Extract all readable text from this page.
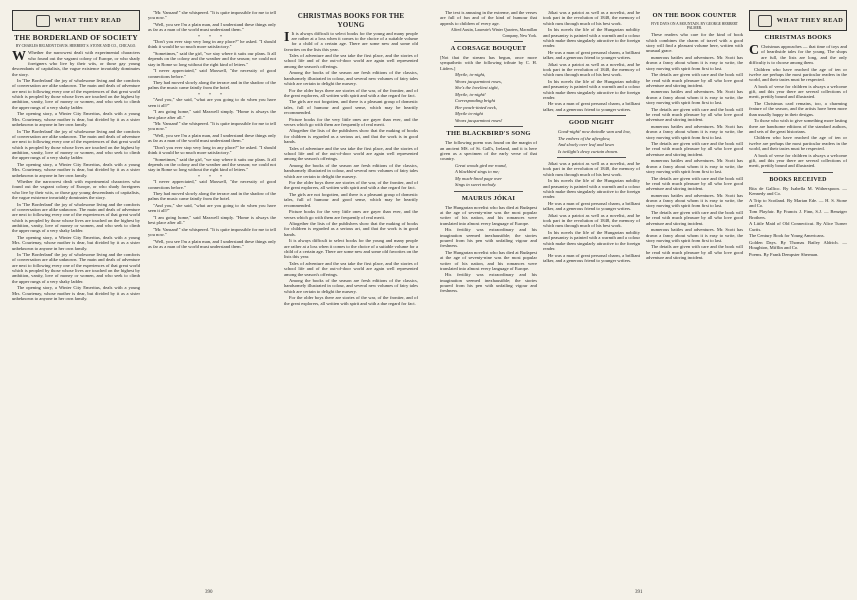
WHAT THEY READ
THE BORDERLAND OF SOCIETY
BY CHARLES BELMONT DAVIS. HERBERT S. STONE AND CO., CHICAGO.

W Whether the narrowest dealt with experimental characters who found out the vagrant colony of Europe, or who shady foreigners who live by their wits, or those gay young descendants of capitalists, the vague existence invariably dominates the story.

In 'The Borderland' the joy of wholesome living and the comforts of conversation are alike unknown. The main and deals of adventure are next to following every one of the experiences of that great world which is peopled by those whose lives are touched on the highest by ambition, vanity, love of money or women, and who seek to climb the upper rungs of a very shaky ladder.

The opening story, a Winter City Emeritus, deals with a young Mrs. Courtenay, whose mother is dear, but divided by it as a sister unbeknown to anyone in her own family.

In 'The Borderland' the joy of wholesome living and the comforts of conversation are alike unknown. The main and deals of adventure are next to following every one of the experiences of that great world which is peopled by those whose lives are touched on the highest by ambition, vanity, love of money or women, and who seek to climb the upper rungs of a very shaky ladder.

The opening story, a Winter City Emeritus, deals with a young Mrs. Courtenay, whose mother is dear, but divided by it as a sister unbeknown to anyone in her own family.

Whether the narrowest dealt with experimental characters who found out the vagrant colony of Europe, or who shady foreigners who live by their wits, or those gay young descendants of capitalists, the vague existence invariably dominates the story.

In 'The Borderland' the joy of wholesome living and the comforts of conversation are alike unknown. The main and deals of adventure are next to following every one of the experiences of that great world which is peopled by those whose lives are touched on the highest by ambition, vanity, love of money or women, and who seek to climb the upper rungs of a very shaky ladder.

The opening story, a Winter City Emeritus, deals with a young Mrs. Courtenay, whose mother is dear, but divided by it as a sister unbeknown to anyone in her own family.

In 'The Borderland' the joy of wholesome living and the comforts of conversation are alike unknown. The main and deals of adventure are next to following every one of the experiences of that great world which is peopled by those whose lives are touched on the highest by ambition, vanity, love of money or women, and who seek to climb the upper rungs of a very shaky ladder.

The opening story, a Winter City Emeritus, deals with a young Mrs. Courtenay, whose mother is dear, but divided by it as a sister unbeknown to anyone in her own family.

"Mr. Vansant!" she whispered. "It is quite impossible for me to tell you now."

"Well, you see I'm a plain man, and I understand these things only as far as a man of the world must understand them."

* * *

"Don't you ever stop very long in any place?" he asked. "I should think it would be so much more satisfactory."

"Sometimes," said the girl, "we stay where it suits our plans. It all depends on the colony and the weather and the season; we could not stay in Rome so long without the right kind of letters."

"I never appreciated," said Maxwell, "the necessity of good connections before."

They had moved slowly along the terrace and in the shadow of the palms the music came faintly from the hotel.

* * *

"And you," she said, "what are you going to do when you have seen it all?"

"I am going home," said Maxwell simply. "Home is always the best place after all."

"Mr. Vansant!" she whispered. "It is quite impossible for me to tell you now."

"Well, you see I'm a plain man, and I understand these things only as far as a man of the world must understand them."

"Don't you ever stop very long in any place?" he asked. "I should think it would be so much more satisfactory."

"Sometimes," said the girl, "we stay where it suits our plans. It all depends on the colony and the weather and the season; we could not stay in Rome so long without the right kind of letters."

* * *

"I never appreciated," said Maxwell, "the necessity of good connections before."

They had moved slowly along the terrace and in the shadow of the palms the music came faintly from the hotel.

"And you," she said, "what are you going to do when you have seen it all?"

"I am going home," said Maxwell simply. "Home is always the best place after all."

"Mr. Vansant!" she whispered. "It is quite impossible for me to tell you now."

"Well, you see I'm a plain man, and I understand these things only as far as a man of the world must understand them."

CHRISTMAS BOOKS FOR THE YOUNG

I It is always difficult to select books for the young and many people are rather at a loss when it comes to the choice of a suitable volume for a child of a certain age. There are some new and some old favorites on the lists this year.

Tales of adventure and the sea take the first place, and the stories of school life and of the out-of-door world are again well represented among the season's offerings.

Among the books of the season are fresh editions of the classics, handsomely illustrated in colour, and several new volumes of fairy tales which are certain to delight the nursery.

For the older boys there are stories of the war, of the frontier, and of the great explorers, all written with spirit and with a due regard for fact.

The girls are not forgotten, and there is a pleasant group of domestic tales, full of humour and good sense, which may be heartily recommended.

Picture books for the very little ones are gayer than ever, and the verses which go with them are frequently of real merit.

Altogether the lists of the publishers show that the making of books for children is regarded as a serious art, and that the work is in good hands.

Tales of adventure and the sea take the first place, and the stories of school life and of the out-of-door world are again well represented among the season's offerings.

Among the books of the season are fresh editions of the classics, handsomely illustrated in colour, and several new volumes of fairy tales which are certain to delight the nursery.

For the older boys there are stories of the war, of the frontier, and of the great explorers, all written with spirit and with a due regard for fact.

The girls are not forgotten, and there is a pleasant group of domestic tales, full of humour and good sense, which may be heartily recommended.

Picture books for the very little ones are gayer than ever, and the verses which go with them are frequently of real merit.

Altogether the lists of the publishers show that the making of books for children is regarded as a serious art, and that the work is in good hands.

It is always difficult to select books for the young and many people are rather at a loss when it comes to the choice of a suitable volume for a child of a certain age. There are some new and some old favorites on the lists this year.

Tales of adventure and the sea take the first place, and the stories of school life and of the out-of-door world are again well represented among the season's offerings.

Among the books of the season are fresh editions of the classics, handsomely illustrated in colour, and several new volumes of fairy tales which are certain to delight the nursery.

For the older boys there are stories of the war, of the frontier, and of the great explorers, all written with spirit and with a due regard for fact.

390

The text is amusing in the extreme, and the verses are full of fun and of the kind of humour that appeals to children of every age.

Alfred Austin, Laureate's Winter Quarters, Macmillan Company, New York.

A CORSAGE BOUQUET

[Not that the stream has begun, once more sympathetic with the following tribute by C. H. Lüders.]

Myrtle, to-night,

Wears jacqueminot roses,

She's the loveliest sight,

Myrtle, to-night!

Corresponding bright

Her peach-tinted neck,

Myrtle to-night

Wears jacqueminot roses!

THE BLACKBIRD'S SONG

The following poem was found on the margin of an ancient MS. of St. Gall's, Ireland, and it is here given as a specimen of the early verse of that country.

Great woods gird me round,

A blackbird sings to me;

My much-lined page over

Sings in sweet melody.

MAURUS JÓKAI

The Hungarian novelist who has died at Budapest at the age of seventy-nine was the most popular writer of his nation, and his romances were translated into almost every language of Europe.

His fertility was extraordinary and his imagination seemed inexhaustible; the stories poured from his pen with unfailing vigour and freshness.

The Hungarian novelist who has died at Budapest at the age of seventy-nine was the most popular writer of his nation, and his romances were translated into almost every language of Europe.

His fertility was extraordinary and his imagination seemed inexhaustible; the stories poured from his pen with unfailing vigour and freshness.

Jókai was a patriot as well as a novelist, and he took part in the revolution of 1848, the memory of which runs through much of his best work.

In his novels the life of the Hungarian nobility and peasantry is painted with a warmth and a colour which make them singularly attractive to the foreign reader.

He was a man of great personal charm, a brilliant talker, and a generous friend to younger writers.

Jókai was a patriot as well as a novelist, and he took part in the revolution of 1848, the memory of which runs through much of his best work.

In his novels the life of the Hungarian nobility and peasantry is painted with a warmth and a colour which make them singularly attractive to the foreign reader.

He was a man of great personal charm, a brilliant talker, and a generous friend to younger writers.

GOOD NIGHT

Good-night! now dwindle wan and low,

The embers of the afterglow,

And slowly over leaf and lawn

Is twilight's dewy curtain drawn.

Jókai was a patriot as well as a novelist, and he took part in the revolution of 1848, the memory of which runs through much of his best work.

In his novels the life of the Hungarian nobility and peasantry is painted with a warmth and a colour which make them singularly attractive to the foreign reader.

He was a man of great personal charm, a brilliant talker, and a generous friend to younger writers.

Jókai was a patriot as well as a novelist, and he took part in the revolution of 1848, the memory of which runs through much of his best work.

In his novels the life of the Hungarian nobility and peasantry is painted with a warmth and a colour which make them singularly attractive to the foreign reader.

He was a man of great personal charm, a brilliant talker, and a generous friend to younger writers.

ON THE BOOK COUNTER
FIVE DAYS ON A MOUNTAIN. BY GEORGE HERBERT PALMER.

These readers who care for the kind of book which combines the charm of travel with a good story will find a pleasant volume here, written with unusual grace.

numerous battles and adventures. Mr. Scott has drawn a fancy about whom it is easy to write, the story moving with spirit from first to last.

The details are given with care and the book will be read with much pleasure by all who love good adventure and stirring incident.

numerous battles and adventures. Mr. Scott has drawn a fancy about whom it is easy to write, the story moving with spirit from first to last.

The details are given with care and the book will be read with much pleasure by all who love good adventure and stirring incident.

numerous battles and adventures. Mr. Scott has drawn a fancy about whom it is easy to write, the story moving with spirit from first to last.

The details are given with care and the book will be read with much pleasure by all who love good adventure and stirring incident.

numerous battles and adventures. Mr. Scott has drawn a fancy about whom it is easy to write, the story moving with spirit from first to last.

The details are given with care and the book will be read with much pleasure by all who love good adventure and stirring incident.

numerous battles and adventures. Mr. Scott has drawn a fancy about whom it is easy to write, the story moving with spirit from first to last.

The details are given with care and the book will be read with much pleasure by all who love good adventure and stirring incident.

numerous battles and adventures. Mr. Scott has drawn a fancy about whom it is easy to write, the story moving with spirit from first to last.

The details are given with care and the book will be read with much pleasure by all who love good adventure and stirring incident.

WHAT THEY READ
CHRISTMAS BOOKS

C Christmas approaches — that time of toys and of hearthside tales for the young. The shops are full, the lists are long, and the only difficulty is to choose among them.

Children who have reached the age of ten or twelve are perhaps the most particular readers in the world, and their tastes must be respected.

A book of verse for children is always a welcome gift, and this year there are several collections of merit, prettily bound and illustrated.

The Christmas card remains, too, a charming feature of the season, and the artists have been more than usually happy in their designs.

To those who wish to give something more lasting there are handsome editions of the standard authors, and sets of the great historians.

Children who have reached the age of ten or twelve are perhaps the most particular readers in the world, and their tastes must be respected.

A book of verse for children is always a welcome gift, and this year there are several collections of merit, prettily bound and illustrated.

BOOKS RECEIVED

Rita de Gallico. By Isabella M. Witherspoon. — Kennedy and Co.

A Trip to Scotland. By Marian Ede. — H. S. Stone and Co.

Tom Playfair. By Francis J. Finn, S.J. — Benziger Brothers.

A Little Maid of Old Connecticut. By Alice Turner Curtis.

The Century Book for Young Americans.

Golden Days. By Thomas Bailey Aldrich. — Houghton, Mifflin and Co.

Poems. By Frank Dempster Sherman.

391
